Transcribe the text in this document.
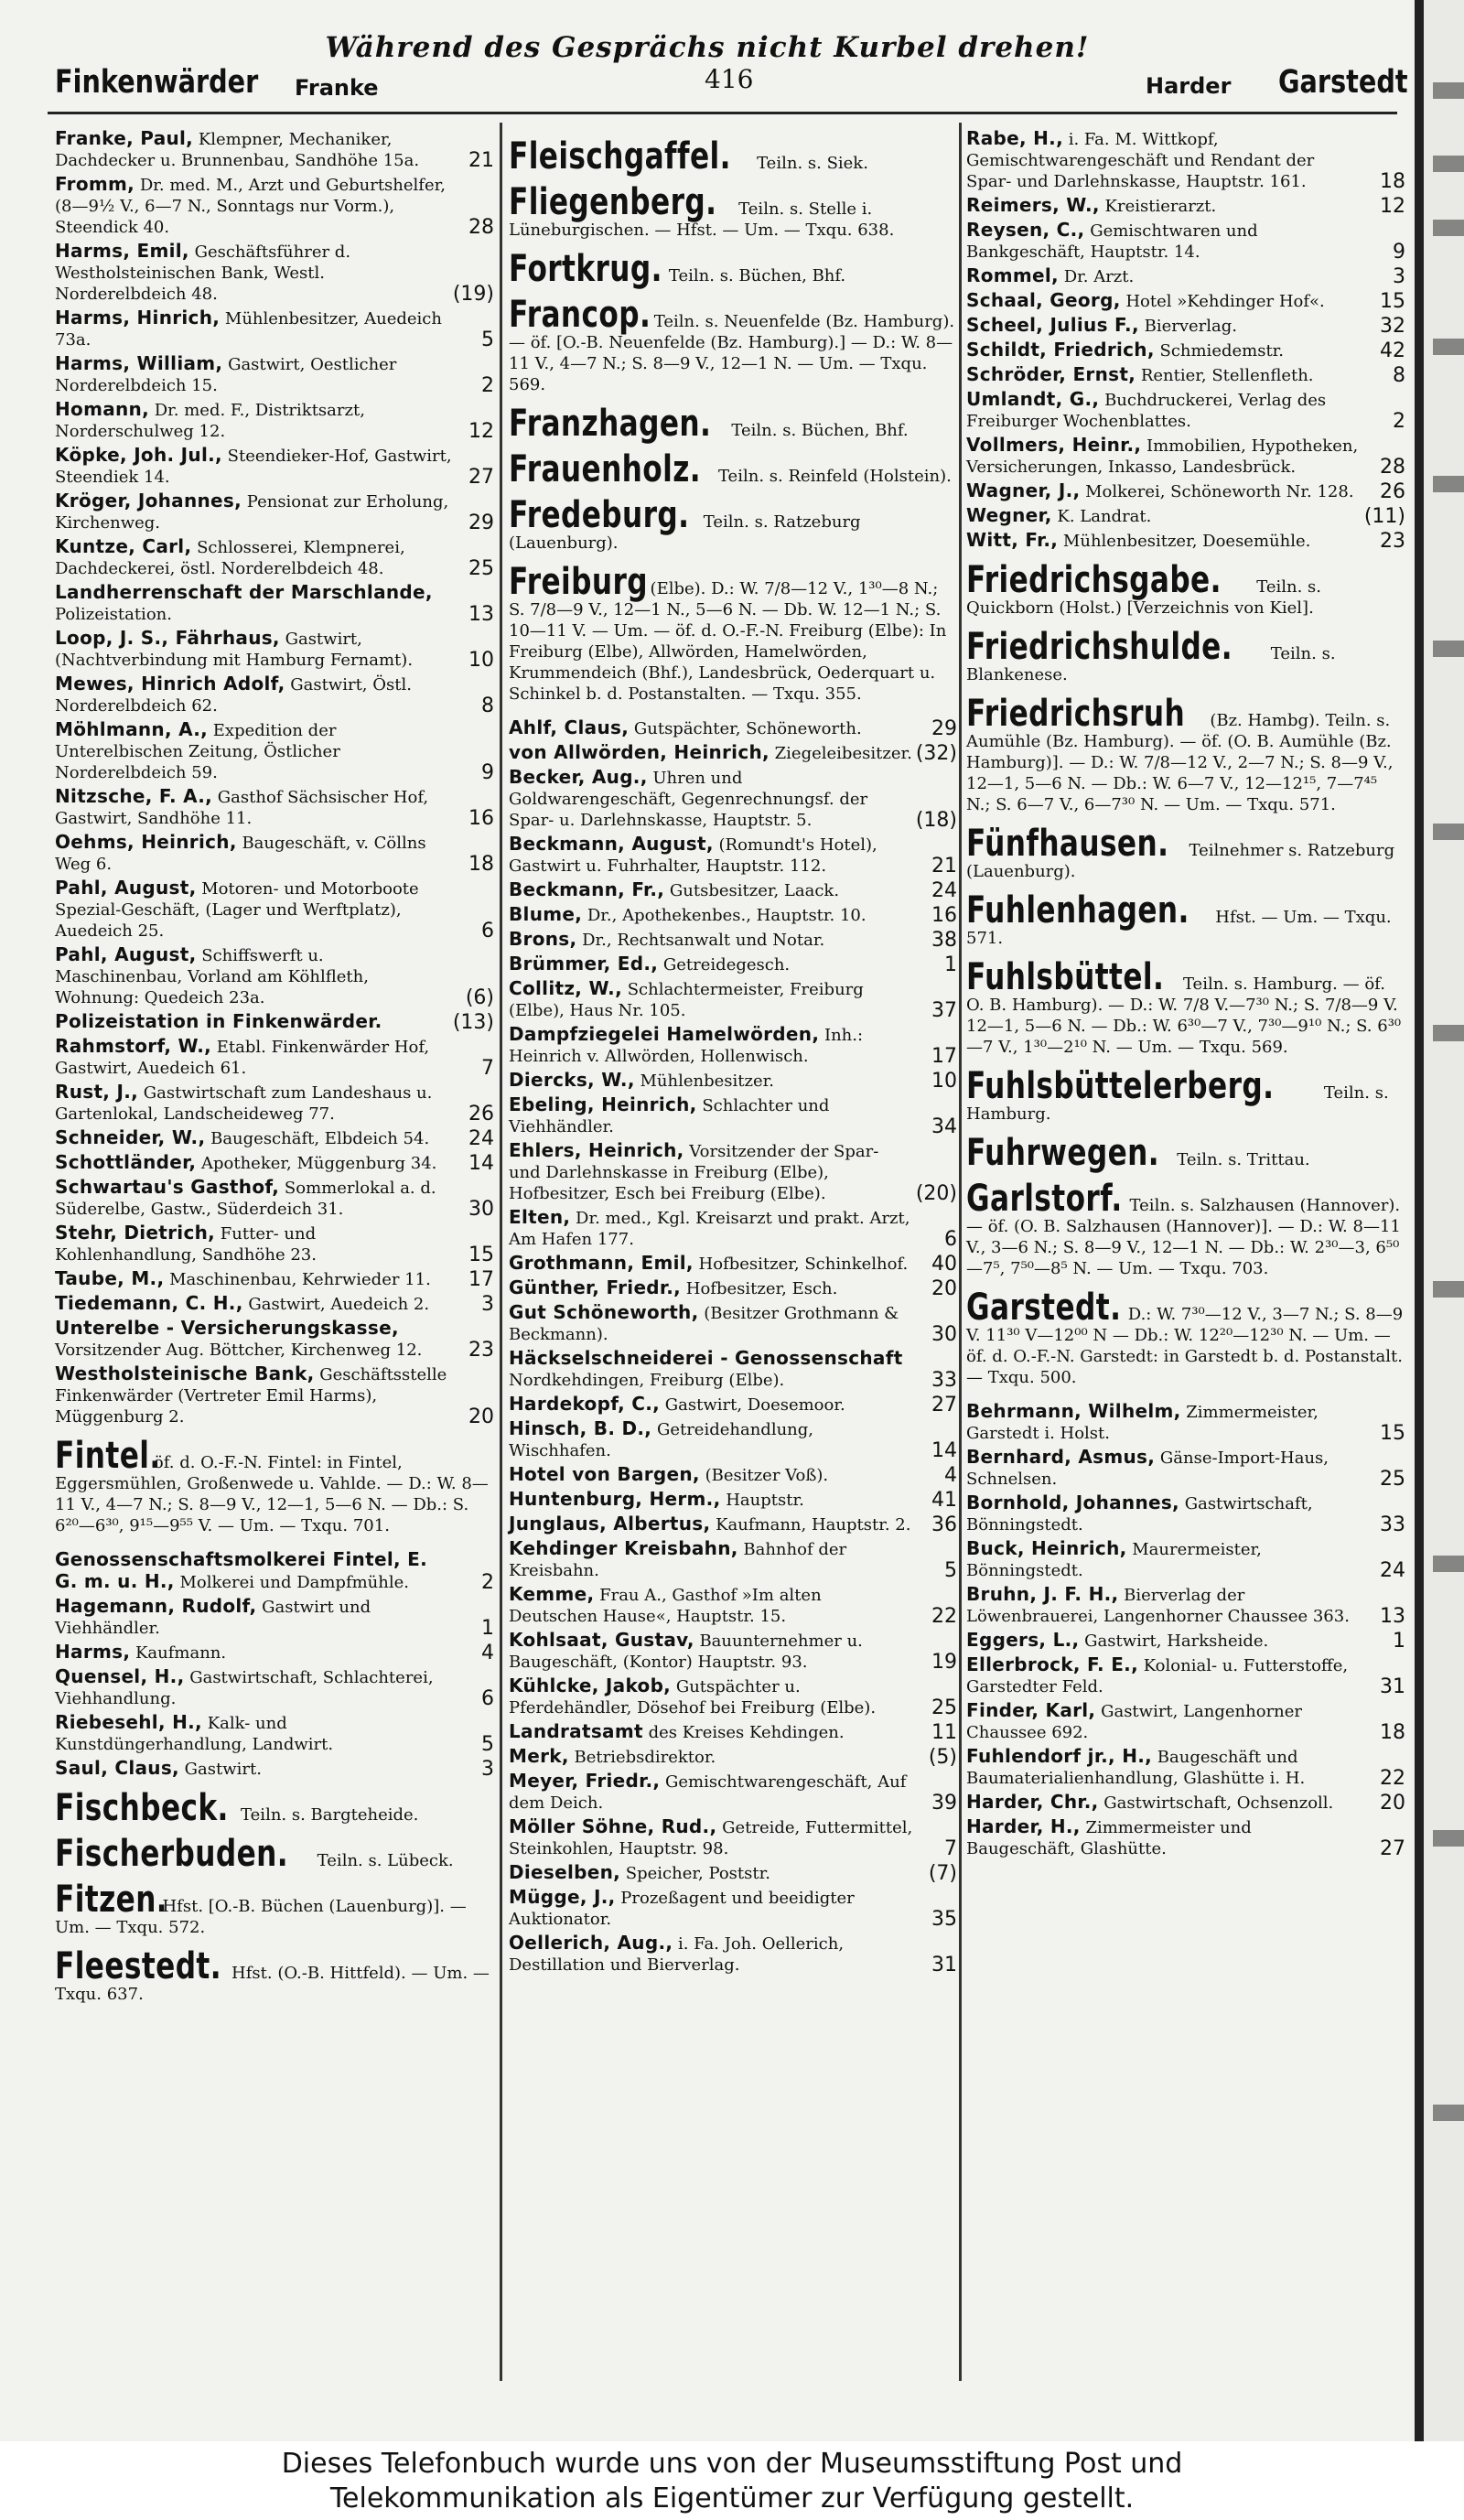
Während des Gesprächs nicht Kurbel drehen!
Finkenwärder Franke	416	Harder Garstedt
Franke, Paul, Klempner, Mechaniker, Dachdecker u. Brunnenbau, Sandhöhe 15a. 21
Fromm, Dr. med. M., Arzt und Geburtshelfer, (8—9½ V., 6—7 N., Sonntags nur Vorm.), Steendick 40.	28
Harms, Emil, Geschäftsführer d. Westholsteinischen Bank, Westl. Norderelbdeich 48.	(19)
Harms, Hinrich, Mühlenbesitzer, Auedeich 73a.	5
Harms, William, Gastwirt, Oestlicher Norderelbdeich 15.	2
Homann, Dr. med. F., Distriktsarzt, Norderschulweg 12.	12
Köpke, Joh. Jul., Steendieker-Hof, Gastwirt, Steendiek 14.	27
Kröger, Johannes, Pensionat zur Erholung, Kirchenweg.	29
Kuntze, Carl, Schlosserei, Klempnerei, Dachdeckerei, östl. Norderelbdeich 48.	25
Landherrenschaft der Marschlande, Polizeistation.	13
Loop, J. S., Fährhaus, Gastwirt, (Nachtverbindung mit Hamburg Fernamt).	10
Mewes, Hinrich Adolf, Gastwirt, Östl. Norderelbdeich 62.	8
Möhlmann, A., Expedition der Unterelbischen Zeitung, Östlicher Norderelbdeich 59.	9
Nitzsche, F. A., Gasthof Sächsischer Hof, Gastwirt, Sandhöhe 11.	16
Oehms, Heinrich, Baugeschäft, v. Cöllns Weg 6.	18
Pahl, August, Motoren- und Motorboote Spezial-Geschäft, (Lager und Werftplatz), Auedeich 25.	6
Pahl, August, Schiffswerft u. Maschinenbau, Vorland am Köhlfleth, Wohnung: Quedeich 23a.	(6)
Polizeistation in Finkenwärder.	(13)
Rahmstorf, W., Etabl. Finkenwärder Hof, Gastwirt, Auedeich 61.	7
Rust, J., Gastwirtschaft zum Landeshaus u. Gartenlokal, Landscheideweg 77.	26
Schneider, W., Baugeschäft, Elbdeich 54. 24
Schottländer, Apotheker, Müggenburg 34. 14
Schwartau's Gasthof, Sommerlokal a. d. Süderelbe, Gastw., Süderdeich 31.	30
Stehr, Dietrich, Futter- und Kohlenhandlung, Sandhöhe 23.	15
Taube, M., Maschinenbau, Kehrwieder 11. 17
Tiedemann, C. H., Gastwirt, Auedeich 2.	3
Unterelbe - Versicherungskasse, Vorsitzender Aug. Böttcher, Kirchenweg 12. 23
Westholsteinische Bank, Geschäftsstelle Finkenwärder (Vertreter Emil Harms), Müggenburg 2.	20
Fintel. öf. d. O.-F.-N. Fintel: in Fintel, Eggersmühlen, Großenwede u. Vahlde. — D.: W. 8—11 V., 4—7 N.; S. 8—9 V., 12—1, 5—6 N. — Db.: S. 6²⁰—6³⁰, 9¹⁵—9⁵⁵ V. — Um. — Txqu. 701.
Genossenschaftsmolkerei Fintel, E. G. m. u. H., Molkerei und Dampfmühle.	2
Hagemann, Rudolf, Gastwirt und Viehhändler.	1
Harms, Kaufmann.	4
Quensel, H., Gastwirtschaft, Schlachterei, Viehhandlung.	6
Riebesehl, H., Kalk- und Kunstdüngerhandlung, Landwirt.	5
Saul, Claus, Gastwirt.	3
Fischbeck. Teiln. s. Bargteheide.
Fischerbuden. Teiln. s. Lübeck.
Fitzen. Hfst. [O.-B. Büchen (Lauenburg)]. — Um. — Txqu. 572.
Fleestedt. Hfst. (O.-B. Hittfeld). — Um. — Txqu. 637.
Fleischgaffel. Teiln. s. Siek.
Fliegenberg. Teiln. s. Stelle i. Lüneburgischen. — Hfst. — Um. — Txqu. 638.
Fortkrug. Teiln. s. Büchen, Bhf.
Francop. Teiln. s. Neuenfelde (Bz. Hamburg). — öf. [O.-B. Neuenfelde (Bz. Hamburg).] — D.: W. 8—11 V., 4—7 N.; S. 8—9 V., 12—1 N. — Um. — Txqu. 569.
Franzhagen. Teiln. s. Büchen, Bhf.
Frauenholz. Teiln. s. Reinfeld (Holstein).
Fredeburg. Teiln. s. Ratzeburg (Lauenburg).
Freiburg (Elbe). D.: W. 7/8—12 V., 1³⁰—8 N.; S. 7/8—9 V., 12—1 N., 5—6 N. — Db. W. 12—1 N.; S. 10—11 V. — Um. — öf. d. O.-F.-N. Freiburg (Elbe): In Freiburg (Elbe), Allwörden, Hamelwörden, Krummendeich (Bhf.), Landesbrück, Oederquart u. Schinkel b. d. Postanstalten. — Txqu. 355.
Ahlf, Claus, Gutspächter, Schöneworth.	29
von Allwörden, Heinrich, Ziegeleibesitzer. (32)
Becker, Aug., Uhren und Goldwarengeschäft, Gegenrechnungsf. der Spar- u. Darlehnskasse, Hauptstr. 5.	(18)
Beckmann, August, (Romundt's Hotel), Gastwirt u. Fuhrhalter, Hauptstr. 112.	21
Beckmann, Fr., Gutsbesitzer, Laack.	24
Blume, Dr., Apothekenbes., Hauptstr. 10.	16
Brons, Dr., Rechtsanwalt und Notar.	38
Brümmer, Ed., Getreidegesch.	1
Collitz, W., Schlachtermeister, Freiburg (Elbe), Haus Nr. 105.	37
Dampfziegelei Hamelwörden, Inh.: Heinrich v. Allwörden, Hollenwisch.	17
Diercks, W., Mühlenbesitzer.	10
Ebeling, Heinrich, Schlachter und Viehhändler.	34
Ehlers, Heinrich, Vorsitzender der Spar- und Darlehnskasse in Freiburg (Elbe), Hofbesitzer, Esch bei Freiburg (Elbe).	(20)
Elten, Dr. med., Kgl. Kreisarzt und prakt. Arzt, Am Hafen 177.	6
Grothmann, Emil, Hofbesitzer, Schinkelhof. 40
Günther, Friedr., Hofbesitzer, Esch.	20
Gut Schöneworth, (Besitzer Grothmann & Beckmann).	30
Häckselschneiderei - Genossenschaft Nordkehdingen, Freiburg (Elbe).	33
Hardekopf, C., Gastwirt, Doesemoor.	27
Hinsch, B. D., Getreidehandlung, Wischhafen.	14
Hotel von Bargen, (Besitzer Voß).	4
Huntenburg, Herm., Hauptstr.	41
Junglaus, Albertus, Kaufmann, Hauptstr. 2. 36
Kehdinger Kreisbahn, Bahnhof der Kreisbahn.	5
Kemme, Frau A., Gasthof »Im alten Deutschen Hause«, Hauptstr. 15.	22
Kohlsaat, Gustav, Bauunternehmer u. Baugeschäft, (Kontor) Hauptstr. 93.	19
Kühlcke, Jakob, Gutspächter u. Pferdehändler, Dösehof bei Freiburg (Elbe).	25
Landratsamt des Kreises Kehdingen.	11
Merk, Betriebsdirektor.	(5)
Meyer, Friedr., Gemischtwarengeschäft, Auf dem Deich.	39
Möller Söhne, Rud., Getreide, Futtermittel, Steinkohlen, Hauptstr. 98.	7
Dieselben, Speicher, Poststr.	(7)
Mügge, J., Prozeßagent und beeidigter Auktionator.	35
Oellerich, Aug., i. Fa. Joh. Oellerich, Destillation und Bierverlag.	31
Rabe, H., i. Fa. M. Wittkopf, Gemischtwarengeschäft und Rendant der Spar- und Darlehnskasse, Hauptstr. 161.	18
Reimers, W., Kreistierarzt.	12
Reysen, C., Gemischtwaren und Bankgeschäft, Hauptstr. 14.	9
Rommel, Dr. Arzt.	3
Schaal, Georg, Hotel »Kehdinger Hof«.	15
Scheel, Julius F., Bierverlag.	32
Schildt, Friedrich, Schmiedemstr.	42
Schröder, Ernst, Rentier, Stellenfleth.	8
Umlandt, G., Buchdruckerei, Verlag des Freiburger Wochenblattes.	2
Vollmers, Heinr., Immobilien, Hypotheken, Versicherungen, Inkasso, Landesbrück.	28
Wagner, J., Molkerei, Schöneworth Nr. 128. 26
Wegner, K. Landrat.	(11)
Witt, Fr., Mühlenbesitzer, Doesemühle.	23
Friedrichsgabe. Teiln. s. Quickborn (Holst.) [Verzeichnis von Kiel].
Friedrichshulde. Teiln. s. Blankenese.
Friedrichsruh (Bz. Hambg). Teiln. s. Aumühle (Bz. Hamburg). — öf. (O. B. Aumühle (Bz. Hamburg)]. — D.: W. 7/8—12 V., 2—7 N.; S. 8—9 V., 12—1, 5—6 N. — Db.: W. 6—7 V., 12—12¹⁵, 7—7⁴⁵ N.; S. 6—7 V., 6—7³⁰ N. — Um. — Txqu. 571.
Fünfhausen. Teilnehmer s. Ratzeburg (Lauenburg).
Fuhlenhagen. Hfst. — Um. — Txqu. 571.
Fuhlsbüttel. Teiln. s. Hamburg. — öf. O. B. Hamburg). — D.: W. 7/8 V.—7³⁰ N.; S. 7/8—9 V. 12—1, 5—6 N. — Db.: W. 6³⁰—7 V., 7³⁰—9¹⁰ N.; S. 6³⁰—7 V., 1³⁰—2¹⁰ N. — Um. — Txqu. 569.
Fuhlsbüttelerberg.	Teiln. s. Hamburg.
Fuhrwegen. Teiln. s. Trittau.
Garlstorf. Teiln. s. Salzhausen (Hannover). — öf. (O. B. Salzhausen (Hannover)]. — D.: W. 8—11 V., 3—6 N.; S. 8—9 V., 12—1 N. — Db.: W. 2³⁰—3, 6⁵⁰—7⁵, 7⁵⁰—8⁵ N. — Um. — Txqu. 703.
Garstedt. D.: W. 7³⁰—12 V., 3—7 N.; S. 8—9 V. 11³⁰ V—12⁰⁰ N — Db.: W. 12²⁰—12³⁰ N. — Um. — öf. d. O.-F.-N. Garstedt: in Garstedt b. d. Postanstalt. — Txqu. 500.
Behrmann, Wilhelm, Zimmermeister, Garstedt i. Holst.	15
Bernhard, Asmus, Gänse-Import-Haus, Schnelsen.	25
Bornhold, Johannes, Gastwirtschaft, Bönningstedt.	33
Buck, Heinrich, Maurermeister, Bönningstedt.	24
Bruhn, J. F. H., Bierverlag der Löwenbrauerei, Langenhorner Chaussee 363. 13
Eggers, L., Gastwirt, Harksheide.	1
Ellerbrock, F. E., Kolonial- u. Futterstoffe, Garstedter Feld.	31
Finder, Karl, Gastwirt, Langenhorner Chaussee 692.	18
Fuhlendorf jr., H., Baugeschäft und Baumaterialienhandlung, Glashütte i. H.	22
Harder, Chr., Gastwirtschaft, Ochsenzoll. 20
Harder, H., Zimmermeister und Baugeschäft, Glashütte.	27
Dieses Telefonbuch wurde uns von der Museumsstiftung Post und
Telekommunikation als Eigentümer zur Verfügung gestellt.
